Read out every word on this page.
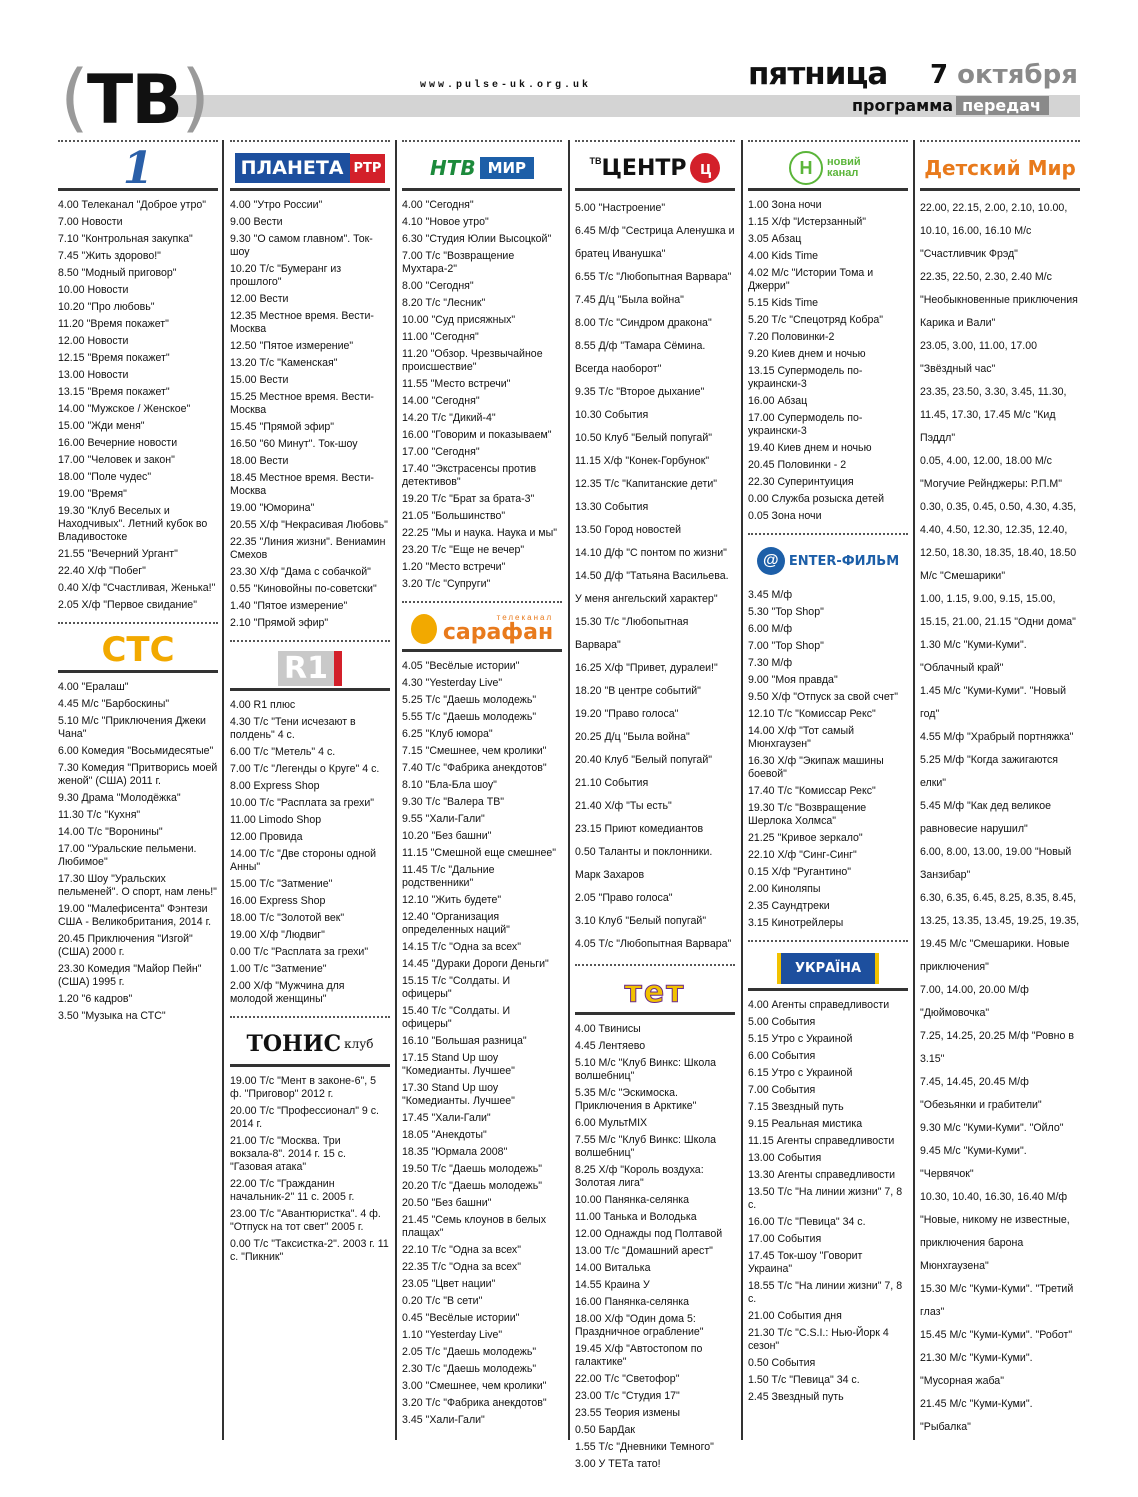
(ТВ)	www.pulse-uk.org.uk	пятница 7 октября
программа передач
1
4.00 Телеканал "Доброе утро"
7.00 Новости
7.10 "Контрольная закупка"
7.45 "Жить здорово!"
8.50 "Модный приговор"
10.00 Новости
10.20 "Про любовь"
11.20 "Время покажет"
12.00 Новости
12.15 "Время покажет"
13.00 Новости
13.15 "Время покажет"
14.00 "Мужское / Женское"
15.00 "Жди меня"
16.00 Вечерние новости
17.00 "Человек и закон"
18.00 "Поле чудес"
19.00 "Время"
19.30 "Клуб Веселых и Находчивых". Летний кубок во Владивостоке
21.55 "Вечерний Ургант"
22.40 Х/ф "Побег"
0.40 Х/ф "Счастливая, Женька!"
2.05 Х/ф "Первое свидание"
СТС
4.00 "Ералаш"
4.45 М/с "Барбоскины"
5.10 М/с "Приключения Джеки Чана"
6.00 Комедия "Восьмидесятые"
7.30 Комедия "Притворись моей женой" (США) 2011 г.
9.30 Драма "Молодёжка"
11.30 Т/с "Кухня"
14.00 Т/с "Воронины"
17.00 "Уральские пельмени. Любимое"
17.30 Шоу "Уральских пельменей". О спорт, нам лень!"
19.00 "Малефисента" Фэнтези США - Великобритания, 2014 г.
20.45 Приключения "Изгой" (США) 2000 г.
23.30 Комедия "Майор Пейн" (США) 1995 г.
1.20 "6 кадров"
3.50 "Музыка на СТС"
ПЛАНЕТА РТР
4.00 "Утро России"
9.00 Вести
9.30 "О самом главном". Ток-шоу
10.20 Т/с "Бумеранг из прошлого"
12.00 Вести
12.35 Местное время. Вести-Москва
12.50 "Пятое измерение"
13.20 Т/с "Каменская"
15.00 Вести
15.25 Местное время. Вести-Москва
15.45 "Прямой эфир"
16.50 "60 Минут". Ток-шоу
18.00 Вести
18.45 Местное время. Вести-Москва
19.00 "Юморина"
20.55 Х/ф "Некрасивая Любовь"
22.35 "Линия жизни". Вениамин Смехов
23.30 Х/ф "Дама с собачкой"
0.55 "Киновойны по-советски"
1.40 "Пятое измерение"
2.10 "Прямой эфир"
R1
4.00 R1 плюс
4.30 Т/с "Тени исчезают в полдень" 4 с.
6.00 Т/с "Метель" 4 с.
7.00 Т/с "Легенды о Круге" 4 с.
8.00 Express Shop
10.00 Т/с "Расплата за грехи"
11.00 Limodo Shop
12.00 Провида
14.00 Т/с "Две стороны одной Анны"
15.00 Т/с "Затмение"
16.00 Express Shop
18.00 Т/с "Золотой век"
19.00 Х/ф "Людвиг"
0.00 Т/с "Расплата за грехи"
1.00 Т/с "Затмение"
2.00 Х/ф "Мужчина для молодой женщины"
ТОНИС клуб
19.00 Т/с "Мент в законе-6", 5 ф. "Приговор" 2012 г.
20.00 Т/с "Профессионал" 9 с. 2014 г.
21.00 Т/с "Москва. Три вокзала-8". 2014 г. 15 с. "Газовая атака"
22.00 Т/с "Гражданин начальник-2" 11 с. 2005 г.
23.00 Т/с "Авантюристка". 4 ф. "Отпуск на тот свет" 2005 г.
0.00 Т/с "Таксистка-2". 2003 г. 11 с. "Пикник"
НТВ МИР
4.00 "Сегодня"
4.10 "Новое утро"
6.30 "Студия Юлии Высоцкой"
7.00 Т/с "Возвращение Мухтара-2"
8.00 "Сегодня"
8.20 Т/с "Лесник"
10.00 "Суд присяжных"
11.00 "Сегодня"
11.20 "Обзор. Чрезвычайное происшествие"
11.55 "Место встречи"
14.00 "Сегодня"
14.20 Т/с "Дикий-4"
16.00 "Говорим и показываем"
17.00 "Сегодня"
17.40 "Экстрасенсы против детективов"
19.20 Т/с "Брат за брата-3"
21.05 "Большинство"
22.25 "Мы и наука. Наука и мы"
23.20 Т/с "Еще не вечер"
1.20 "Место встречи"
3.20 Т/с "Супруги"
телеканал
сарафан
4.05 "Весёлые истории"
4.30 "Yesterday Live"
5.25 Т/с "Даешь молодежь"
5.55 Т/с "Даешь молодежь"
6.25 "Клуб юмора"
7.15 "Смешнее, чем кролики"
7.40 Т/с "Фабрика анекдотов"
8.10 "Бла-Бла шоу"
9.30 Т/с "Валера ТВ"
9.55 "Хали-Гали"
10.20 "Без башни"
11.15 "Смешной еще смешнее"
11.45 Т/с "Дальние родственники"
12.10 "Жить будете"
12.40 "Организация определенных наций"
14.15 Т/с "Одна за всех"
14.45 "Дураки Дороги Деньги"
15.15 Т/с "Солдаты. И офицеры"
15.40 Т/с "Солдаты. И офицеры"
16.10 "Большая разница"
17.15 Stand Up шоу "Комедианты. Лучшее"
17.30 Stand Up шоу "Комедианты. Лучшее"
17.45 "Хали-Гали"
18.05 "Анекдоты"
18.35 "Юрмала 2008"
19.50 Т/с "Даешь молодежь"
20.20 Т/с "Даешь молодежь"
20.50 "Без башни"
21.45 "Семь клоунов в белых плащах"
22.10 Т/с "Одна за всех"
22.35 Т/с "Одна за всех"
23.05 "Цвет нации"
0.20 Т/с "В сети"
0.45 "Весёлые истории"
1.10 "Yesterday Live"
2.05 Т/с "Даешь молодежь"
2.30 Т/с "Даешь молодежь"
3.00 "Смешнее, чем кролики"
3.20 Т/с "Фабрика анекдотов"
3.45 "Хали-Гали"
ТВ ЦЕНТР ц
5.00 "Настроение"
6.45 М/ф "Сестрица Аленушка и братец Иванушка"
6.55 Т/с "Любопытная Варвара"
7.45 Д/ц "Была война"
8.00 Т/с "Синдром дракона"
8.55 Д/ф "Тамара Сёмина. Всегда наоборот"
9.35 Т/с "Второе дыхание"
10.30 События
10.50 Клуб "Белый попугай"
11.15 Х/ф "Конек-Горбунок"
12.35 Т/с "Капитанские дети"
13.30 События
13.50 Город новостей
14.10 Д/ф "С понтом по жизни"
14.50 Д/ф "Татьяна Васильева. У меня ангельский характер"
15.30 Т/с "Любопытная Варвара"
16.25 Х/ф "Привет, дуралеи!"
18.20 "В центре событий"
19.20 "Право голоса"
20.25 Д/ц "Была война"
20.40 Клуб "Белый попугай"
21.10 События
21.40 Х/ф "Ты есть"
23.15 Приют комедиантов
0.50 Таланты и поклонники. Марк Захаров
2.05 "Право голоса"
3.10 Клуб "Белый попугай"
4.05 Т/с "Любопытная Варвара"
тет
4.00 Твинисы
4.45 Лентяево
5.10 М/с "Клуб Винкс: Школа волшебниц"
5.35 М/с "Эскимоска. Приключения в Арктике"
6.00 МультМIX
7.55 М/с "Клуб Винкс: Школа волшебниц"
8.25 Х/ф "Король воздуха: Золотая лига"
10.00 Панянка-селянка
11.00 Танька и Володька
12.00 Однажды под Полтавой
13.00 Т/с "Домашний арест"
14.00 Виталька
14.55 Краина У
16.00 Панянка-селянка
18.00 Х/ф "Один дома 5: Праздничное ограбление"
19.45 Х/ф "Автостопом по галактике"
22.00 Т/с "Светофор"
23.00 Т/с "Студия 17"
23.55 Теория измены
0.50 БарДак
1.55 Т/с "Дневники Темного"
3.00 У ТЕТа тато!
Н	новий канал
1.00 Зона ночи
1.15 Х/ф "Истерзанный"
3.05 Абзац
4.00 Kids Time
4.02 М/с "Истории Тома и Джерри"
5.15 Kids Time
5.20 Т/с "Спецотряд Кобра"
7.20 Половинки-2
9.20 Киев днем и ночью
13.15 Супермодель по-украински-3
16.00 Абзац
17.00 Супермодель по-украински-3
19.40 Киев днем и ночью
20.45 Половинки - 2
22.30 Суперинтуиция
0.00 Служба розыска детей
0.05 Зона ночи
@ ENTER-ФИЛЬМ
3.45 М/ф
5.30 "Top Shop"
6.00 М/ф
7.00 "Top Shop"
7.30 М/ф
9.00 "Моя правда"
9.50 Х/ф "Отпуск за свой счет"
12.10 Т/с "Комиссар Рекс"
14.00 Х/ф "Тот самый Мюнхгаузен"
16.30 Х/ф "Экипаж машины боевой"
17.40 Т/с "Комиссар Рекс"
19.30 Т/с "Возвращение Шерлока Холмса"
21.25 "Кривое зеркало"
22.10 Х/ф "Синг-Синг"
0.15 Х/ф "Ругантино"
2.00 Киноляпы
2.35 Саундтреки
3.15 Кинотрейлеры
УКРАЇНА
4.00 Агенты справедливости
5.00 События
5.15 Утро с Украиной
6.00 События
6.15 Утро с Украиной
7.00 События
7.15 Звездный путь
9.15 Реальная мистика
11.15 Агенты справедливости
13.00 События
13.30 Агенты справедливости
13.50 Т/с "На линии жизни" 7, 8 с.
16.00 Т/с "Певица" 34 с.
17.00 События
17.45 Ток-шоу "Говорит Украина"
18.55 Т/с "На линии жизни" 7, 8 с.
21.00 События дня
21.30 Т/с "C.S.I.: Нью-Йорк 4 сезон"
0.50 События
1.50 Т/с "Певица" 34 с.
2.45 Звездный путь
Детский Мир
22.00, 22.15, 2.00, 2.10, 10.00, 10.10, 16.00, 16.10 М/с "Счастливчик Фрэд"
22.35, 22.50, 2.30, 2.40 М/с "Необыкновенные приключения Карика и Вали"
23.05, 3.00, 11.00, 17.00 "Звёздный час"
23.35, 23.50, 3.30, 3.45, 11.30, 11.45, 17.30, 17.45 М/с "Кид Пэддл"
0.05, 4.00, 12.00, 18.00 М/с "Могучие Рейнджеры: Р.П.М"
0.30, 0.35, 0.45, 0.50, 4.30, 4.35, 4.40, 4.50, 12.30, 12.35, 12.40, 12.50, 18.30, 18.35, 18.40, 18.50 М/с "Смешарики"
1.00, 1.15, 9.00, 9.15, 15.00, 15.15, 21.00, 21.15 "Одни дома"
1.30 М/с "Куми-Куми". "Облачный край"
1.45 М/с "Куми-Куми". "Новый год"
4.55 М/ф "Храбрый портняжка"
5.25 М/ф "Когда зажигаются елки"
5.45 М/ф "Как дед великое равновесие нарушил"
6.00, 8.00, 13.00, 19.00 "Новый Занзибар"
6.30, 6.35, 6.45, 8.25, 8.35, 8.45, 13.25, 13.35, 13.45, 19.25, 19.35, 19.45 М/с "Смешарики. Новые приключения"
7.00, 14.00, 20.00 М/ф "Дюймовочка"
7.25, 14.25, 20.25 М/ф "Ровно в 3.15"
7.45, 14.45, 20.45 М/ф "Обезьянки и грабители"
9.30 М/с "Куми-Куми". "Ойло"
9.45 М/с "Куми-Куми". "Червячок"
10.30, 10.40, 16.30, 16.40 М/ф "Новые, никому не известные, приключения барона Мюнхгаузена"
15.30 М/с "Куми-Куми". "Третий глаз"
15.45 М/с "Куми-Куми". "Робот"
21.30 М/с "Куми-Куми". "Мусорная жаба"
21.45 М/с "Куми-Куми". "Рыбалка"
